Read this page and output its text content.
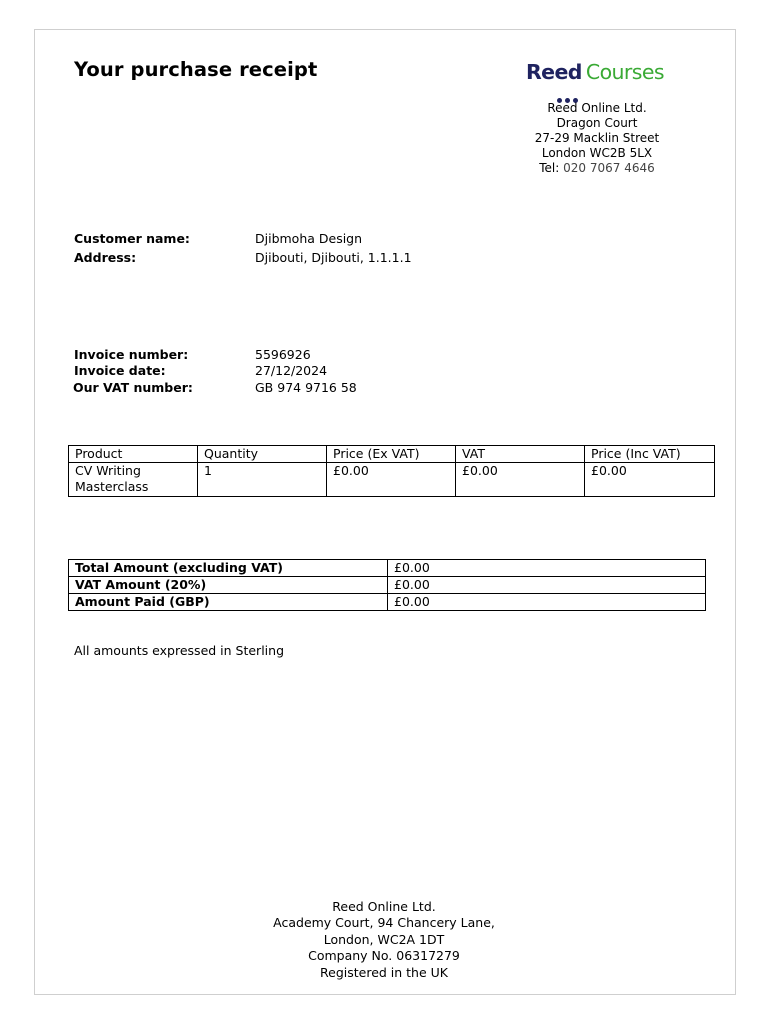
Your purchase receipt	Reed Courses
Reed Online Ltd.
Dragon Court
27-29 Macklin Street
London WC2B 5LX
Tel: 020 7067 4646
Customer name:	Djibmoha Design
Address:	Djibouti, Djibouti, 1.1.1.1
Invoice number:	5596926
Invoice date:	27/12/2024
Our VAT number:	GB 974 9716 58
Product	Quantity	Price (Ex VAT)	VAT	Price (Inc VAT)
CV Writing Masterclass	1	£0.00	£0.00	£0.00
Total Amount (excluding VAT)	£0.00
VAT Amount (20%)	£0.00
Amount Paid (GBP)	£0.00
All amounts expressed in Sterling
Reed Online Ltd.
Academy Court, 94 Chancery Lane,
London, WC2A 1DT
Company No. 06317279
Registered in the UK
